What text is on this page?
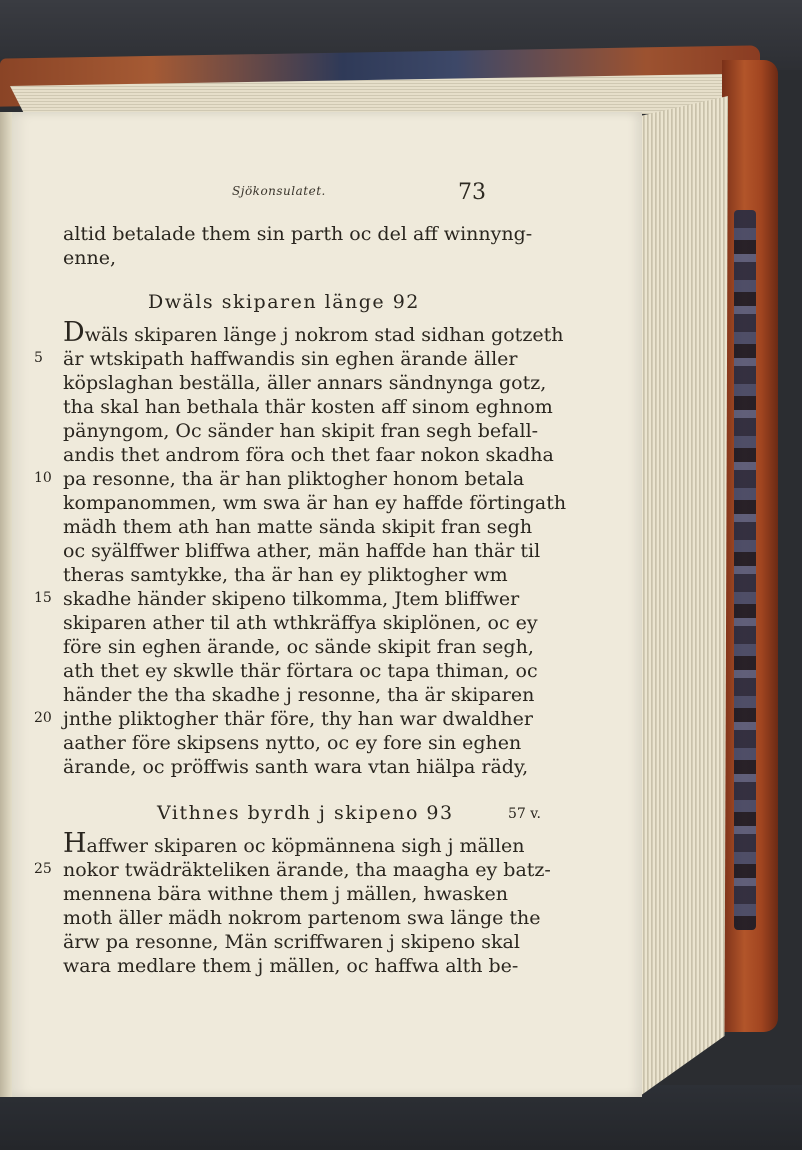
Sjökonsulatet.	73
altid betalade them sin parth oc del aff winnyng-
enne,
Dwäls skiparen länge 92
Dwäls skiparen länge j nokrom stad sidhan gotzeth
är wtskipath haffwandis sin eghen ärande äller
köpslaghan beställa, äller annars sändnynga gotz,
tha skal han bethala thär kosten aff sinom eghnom
pänyngom, Oc sänder han skipit fran segh befall-
andis thet androm föra och thet faar nokon skadha
pa resonne, tha är han pliktogher honom betala
kompanommen, wm swa är han ey haffde förtingath
mädh them ath han matte sända skipit fran segh
oc syälffwer bliffwa ather, män haffde han thär til
theras samtykke, tha är han ey pliktogher wm
skadhe händer skipeno tilkomma, Jtem bliffwer
skiparen ather til ath wthkräffya skiplönen, oc ey
före sin eghen ärande, oc sände skipit fran segh,
ath thet ey skwlle thär förtara oc tapa thiman, oc
händer the tha skadhe j resonne, tha är skiparen
jnthe pliktogher thär före, thy han war dwaldher
aather före skipsens nytto, oc ey fore sin eghen
ärande, oc pröffwis santh wara vtan hiälpa rädy,
Vithnes byrdh j skipeno 93	57 v.
Haffwer skiparen oc köpmännena sigh j mällen
nokor twädräkteliken ärande, tha maagha ey batz-
mennena bära withne them j mällen, hwasken
moth äller mädh nokrom partenom swa länge the
ärw pa resonne, Män scriffwaren j skipeno skal
wara medlare them j mällen, oc haffwa alth be-
5
10
15
20
25
